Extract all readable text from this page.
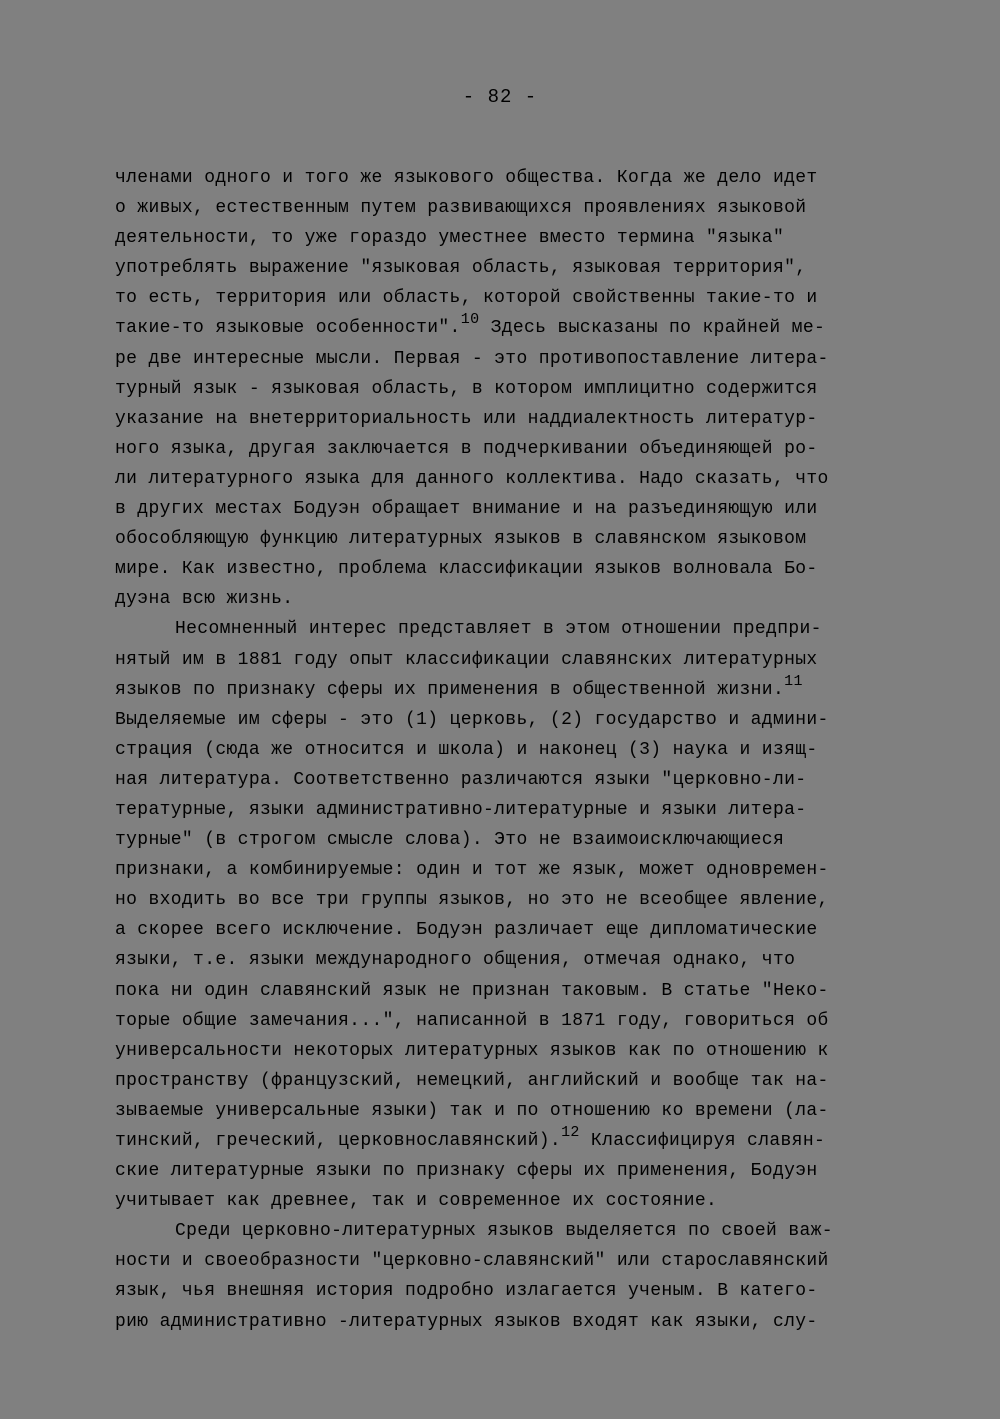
- 82 -
членами одного и того же языкового общества. Когда же дело идет
о живых, естественным путем развивающихся проявлениях языковой
деятельности, то уже гораздо уместнее вместо термина "языка"
употреблять выражение "языковая область, языковая территория",
то есть, территория или область, которой свойственны такие-то и
такие-то языковые особенности".$^{10}$ Здесь высказаны по крайней ме-
ре две интересные мысли. Первая - это противопоставление литера-
турный язык - языковая область, в котором имплицитно содержится
указание на внетерриториальность или наддиалектность литератур-
ного языка, другая заключается в подчеркивании объединяющей ро-
ли литературного языка для данного коллектива. Надо сказать, что
в других местах Бодуэн обращает внимание и на разъединяющую или
обособляющую функцию литературных языков в славянском языковом
мире. Как известно, проблема классификации языков волновала Бо-
дуэна всю жизнь.
Несомненный интерес представляет в этом отношении предпри-
нятый им в 1881 году опыт классификации славянских литературных
языков по признаку сферы их применения в общественной жизни.$^{11}$
Выделяемые им сферы - это (1) церковь, (2) государство и админи-
страция (сюда же относится и школа) и наконец (3) наука и изящ-
ная литература. Соответственно различаются языки "церковно-ли-
тературные, языки административно-литературные и языки литера-
турные" (в строгом смысле слова). Это не взаимоисключающиеся
признаки, а комбинируемые: один и тот же язык, может одновремен-
но входить во все три группы языков, но это не всеобщее явление,
а скорее всего исключение. Бодуэн различает еще дипломатические
языки, т.е. языки международного общения, отмечая однако, что
пока ни один славянский язык не признан таковым. В статье "Неко-
торые общие замечания...", написанной в 1871 году, говориться об
универсальности некоторых литературных языков как по отношению к
пространству (французский, немецкий, английский и вообще так на-
зываемые универсальные языки) так и по отношению ко времени (ла-
тинский, греческий, церковнославянский).$^{12}$ Классифицируя славян-
ские литературные языки по признаку сферы их применения, Бодуэн
учитывает как древнее, так и современное их состояние.
Среди церковно-литературных языков выделяется по своей важ-
ности и своеобразности "церковно-славянский" или старославянский
язык, чья внешняя история подробно излагается ученым. В катего-
рию административно -литературных языков входят как языки, слу-
